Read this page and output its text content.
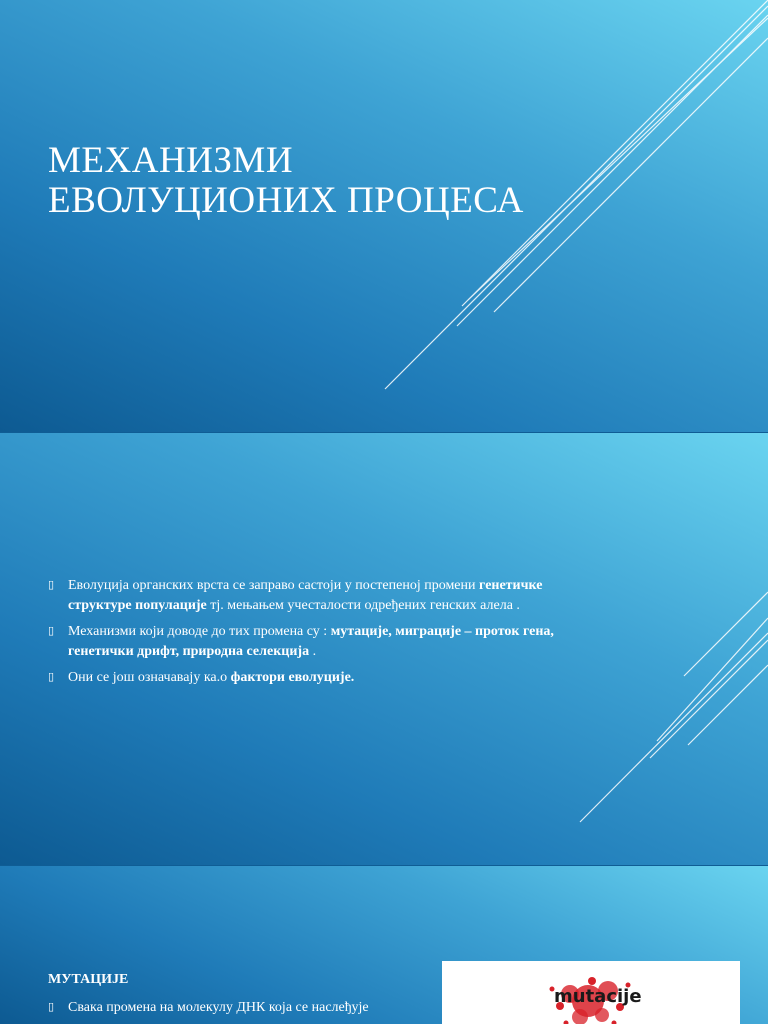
МЕХАНИЗМИ
ЕВОЛУЦИОНИХ ПРОЦЕСА
▯ Еволуција органских врста се заправо састоји у постепеној промени генетичке структуре популације тј. мењањем учесталости одређених генских алела .
▯ Механизми који доводе до тих промена су : мутације, миграције – проток гена, генетички дрифт, природна селекција .
▯ Они се још означавају ка.о фактори еволуције.
МУТАЦИЈЕ
▯ Свака промена на молекулу ДНК која се наслеђује
mutacije
